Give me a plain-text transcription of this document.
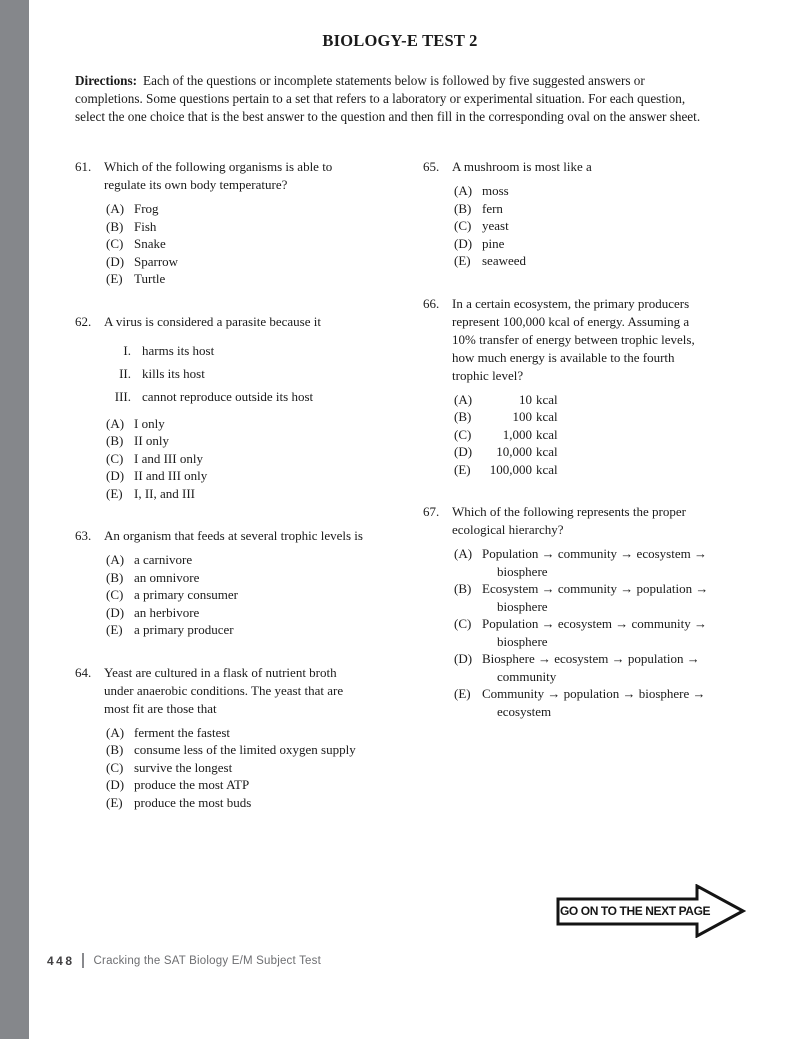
BIOLOGY-E TEST 2

Directions: Each of the questions or incomplete statements below is followed by five suggested answers or completions. Some questions pertain to a set that refers to a laboratory or experimental situation. For each question, select the one choice that is the best answer to the question and then fill in the corresponding oval on the answer sheet.

61. Which of the following organisms is able to
regulate its own body temperature?
(A) Frog
(B) Fish
(C) Snake
(D) Sparrow
(E) Turtle
62. A virus is considered a parasite because it
I. harms its host
II. kills its host
III. cannot reproduce outside its host
(A) I only
(B) II only
(C) I and III only
(D) II and III only
(E) I, II, and III
63. An organism that feeds at several trophic levels is
(A) a carnivore
(B) an omnivore
(C) a primary consumer
(D) an herbivore
(E) a primary producer
64. Yeast are cultured in a flask of nutrient broth
under anaerobic conditions. The yeast that are
most fit are those that
(A) ferment the fastest
(B) consume less of the limited oxygen supply
(C) survive the longest
(D) produce the most ATP
(E) produce the most buds
65. A mushroom is most like a
(A) moss
(B) fern
(C) yeast
(D) pine
(E) seaweed
66. In a certain ecosystem, the primary producers
represent 100,000 kcal of energy. Assuming a
10% transfer of energy between trophic levels,
how much energy is available to the fourth
trophic level?
(A)	10 kcal
(B)	100 kcal
(C)	1,000 kcal
(D)	10,000 kcal
(E)	100,000 kcal
67. Which of the following represents the proper
ecological hierarchy?
(A) Population → community → ecosystem →
biosphere
(B) Ecosystem → community → population →
biosphere
(C) Population → ecosystem → community →
biosphere
(D) Biosphere → ecosystem → population →
community
(E) Community → population → biosphere →
ecosystem
GO ON TO THE NEXT PAGE
448 Cracking the SAT Biology E/M Subject Test
